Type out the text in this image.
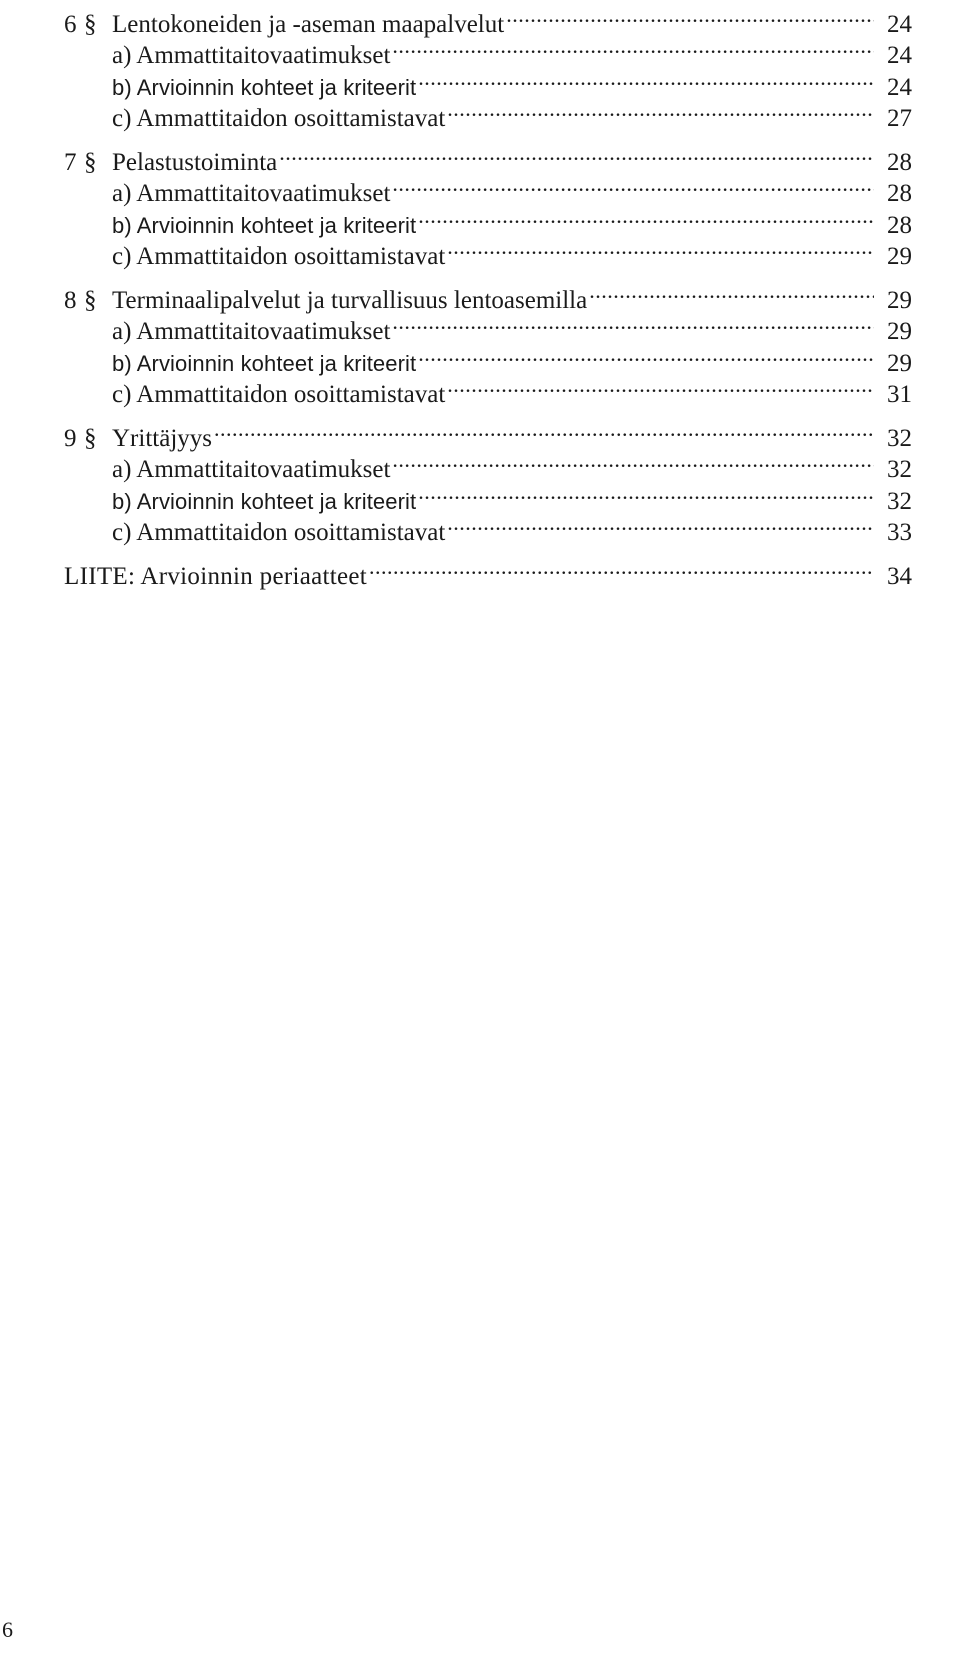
6 § Lentokoneiden ja -aseman maapalvelut .....	24
a) Ammattitaitovaatimukset .....	24
b) Arvioinnin kohteet ja kriteerit .....	24
c) Ammattitaidon osoittamistavat .....	27
7 § Pelastustoiminta .....	28
a) Ammattitaitovaatimukset .....	28
b) Arvioinnin kohteet ja kriteerit .....	28
c) Ammattitaidon osoittamistavat .....	29
8 § Terminaalipalvelut ja turvallisuus lentoasemilla .....	29
a) Ammattitaitovaatimukset .....	29
b) Arvioinnin kohteet ja kriteerit .....	29
c) Ammattitaidon osoittamistavat .....	31
9 § Yrittäjyys .....	32
a) Ammattitaitovaatimukset .....	32
b) Arvioinnin kohteet ja kriteerit .....	32
c) Ammattitaidon osoittamistavat .....	33
LIITE: Arvioinnin periaatteet .....	34
6
